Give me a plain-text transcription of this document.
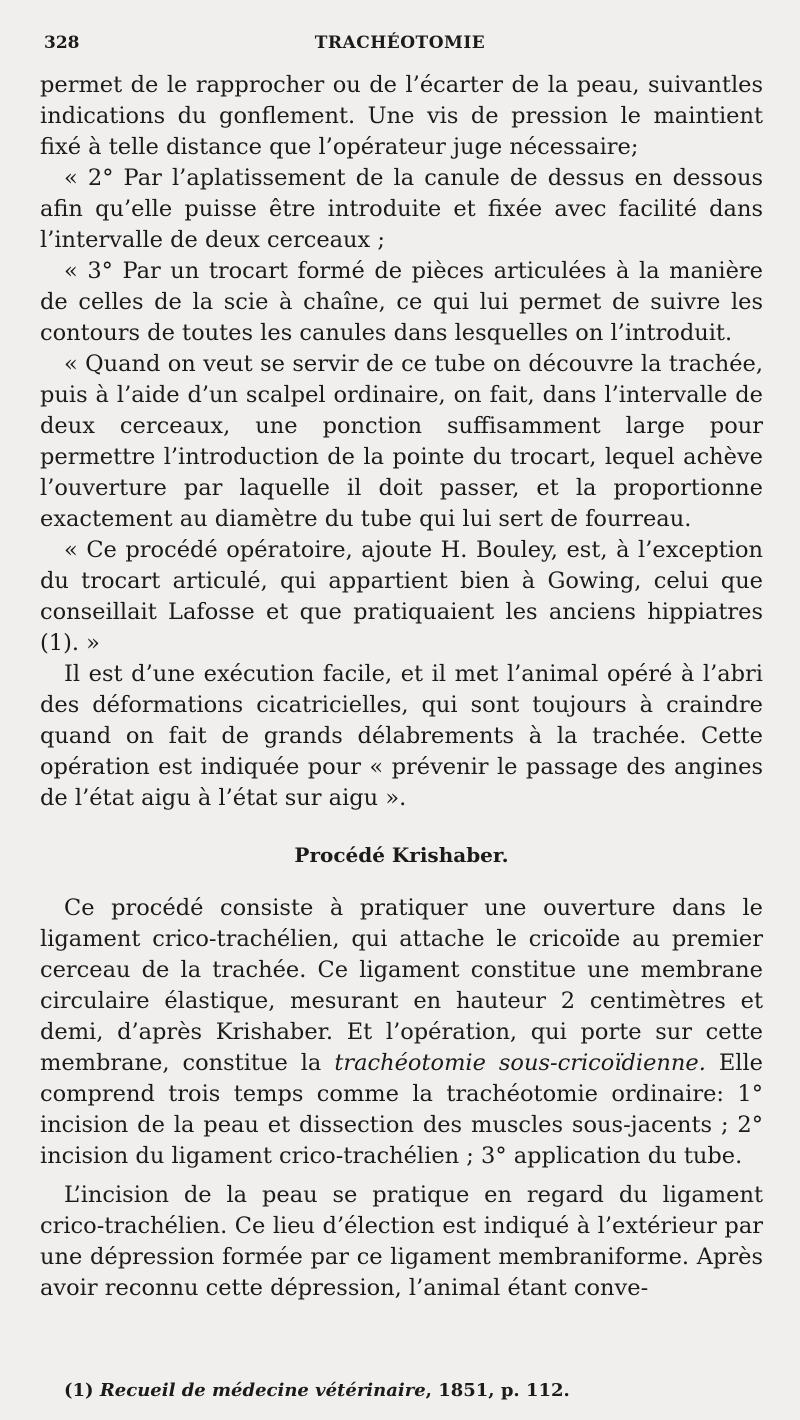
328	TRACHÉOTOMIE

permet de le rapprocher ou de l’écarter de la peau, suivantles indications du gonflement. Une vis de pression le maintient fixé à telle distance que l’opérateur juge nécessaire;

« 2° Par l’aplatissement de la canule de dessus en dessous afin qu’elle puisse être introduite et fixée avec facilité dans l’intervalle de deux cerceaux ;

« 3° Par un trocart formé de pièces articulées à la manière de celles de la scie à chaîne, ce qui lui permet de suivre les contours de toutes les canules dans lesquelles on l’introduit.

« Quand on veut se servir de ce tube on découvre la trachée, puis à l’aide d’un scalpel ordinaire, on fait, dans l’intervalle de deux cerceaux, une ponction suffisamment large pour permettre l’introduction de la pointe du trocart, lequel achève l’ouverture par laquelle il doit passer, et la proportionne exactement au diamètre du tube qui lui sert de fourreau.

« Ce procédé opératoire, ajoute H. Bouley, est, à l’exception du trocart articulé, qui appartient bien à Gowing, celui que conseillait Lafosse et que pratiquaient les anciens hippiatres (1). »

Il est d’une exécution facile, et il met l’animal opéré à l’abri des déformations cicatricielles, qui sont toujours à craindre quand on fait de grands délabrements à la trachée. Cette opération est indiquée pour « prévenir le passage des angines de l’état aigu à l’état sur aigu ».

Procédé Krishaber.

Ce procédé consiste à pratiquer une ouverture dans le ligament crico-trachélien, qui attache le cricoïde au premier cerceau de la trachée. Ce ligament constitue une membrane circulaire élastique, mesurant en hauteur 2 centimètres et demi, d’après Krishaber. Et l’opération, qui porte sur cette membrane, constitue la trachéotomie sous-cricoïdienne. Elle comprend trois temps comme la trachéotomie ordinaire: 1° incision de la peau et dissection des muscles sous-jacents ; 2° incision du ligament crico-trachélien ; 3° application du tube.

L’incision de la peau se pratique en regard du ligament crico-trachélien. Ce lieu d’élection est indiqué à l’extérieur par une dépression formée par ce ligament membraniforme. Après avoir reconnu cette dépression, l’animal étant conve-

(1) Recueil de médecine vétérinaire, 1851, p. 112.
